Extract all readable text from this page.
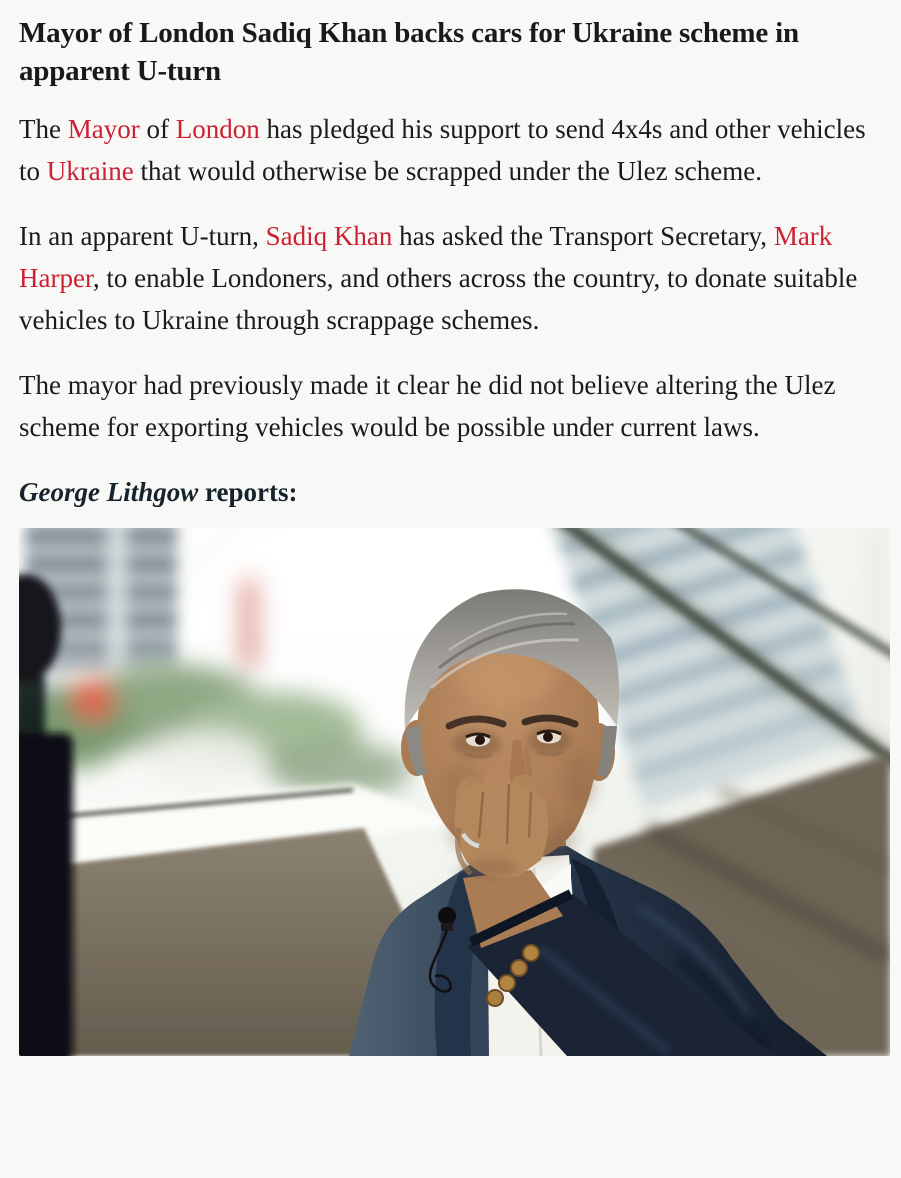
Mayor of London Sadiq Khan backs cars for Ukraine scheme in apparent U-turn

The Mayor of London has pledged his support to send 4x4s and other vehicles to Ukraine that would otherwise be scrapped under the Ulez scheme.

In an apparent U-turn, Sadiq Khan has asked the Transport Secretary, Mark Harper, to enable Londoners, and others across the country, to donate suitable vehicles to Ukraine through scrappage schemes.

The mayor had previously made it clear he did not believe altering the Ulez scheme for exporting vehicles would be possible under current laws.

George Lithgow reports:
